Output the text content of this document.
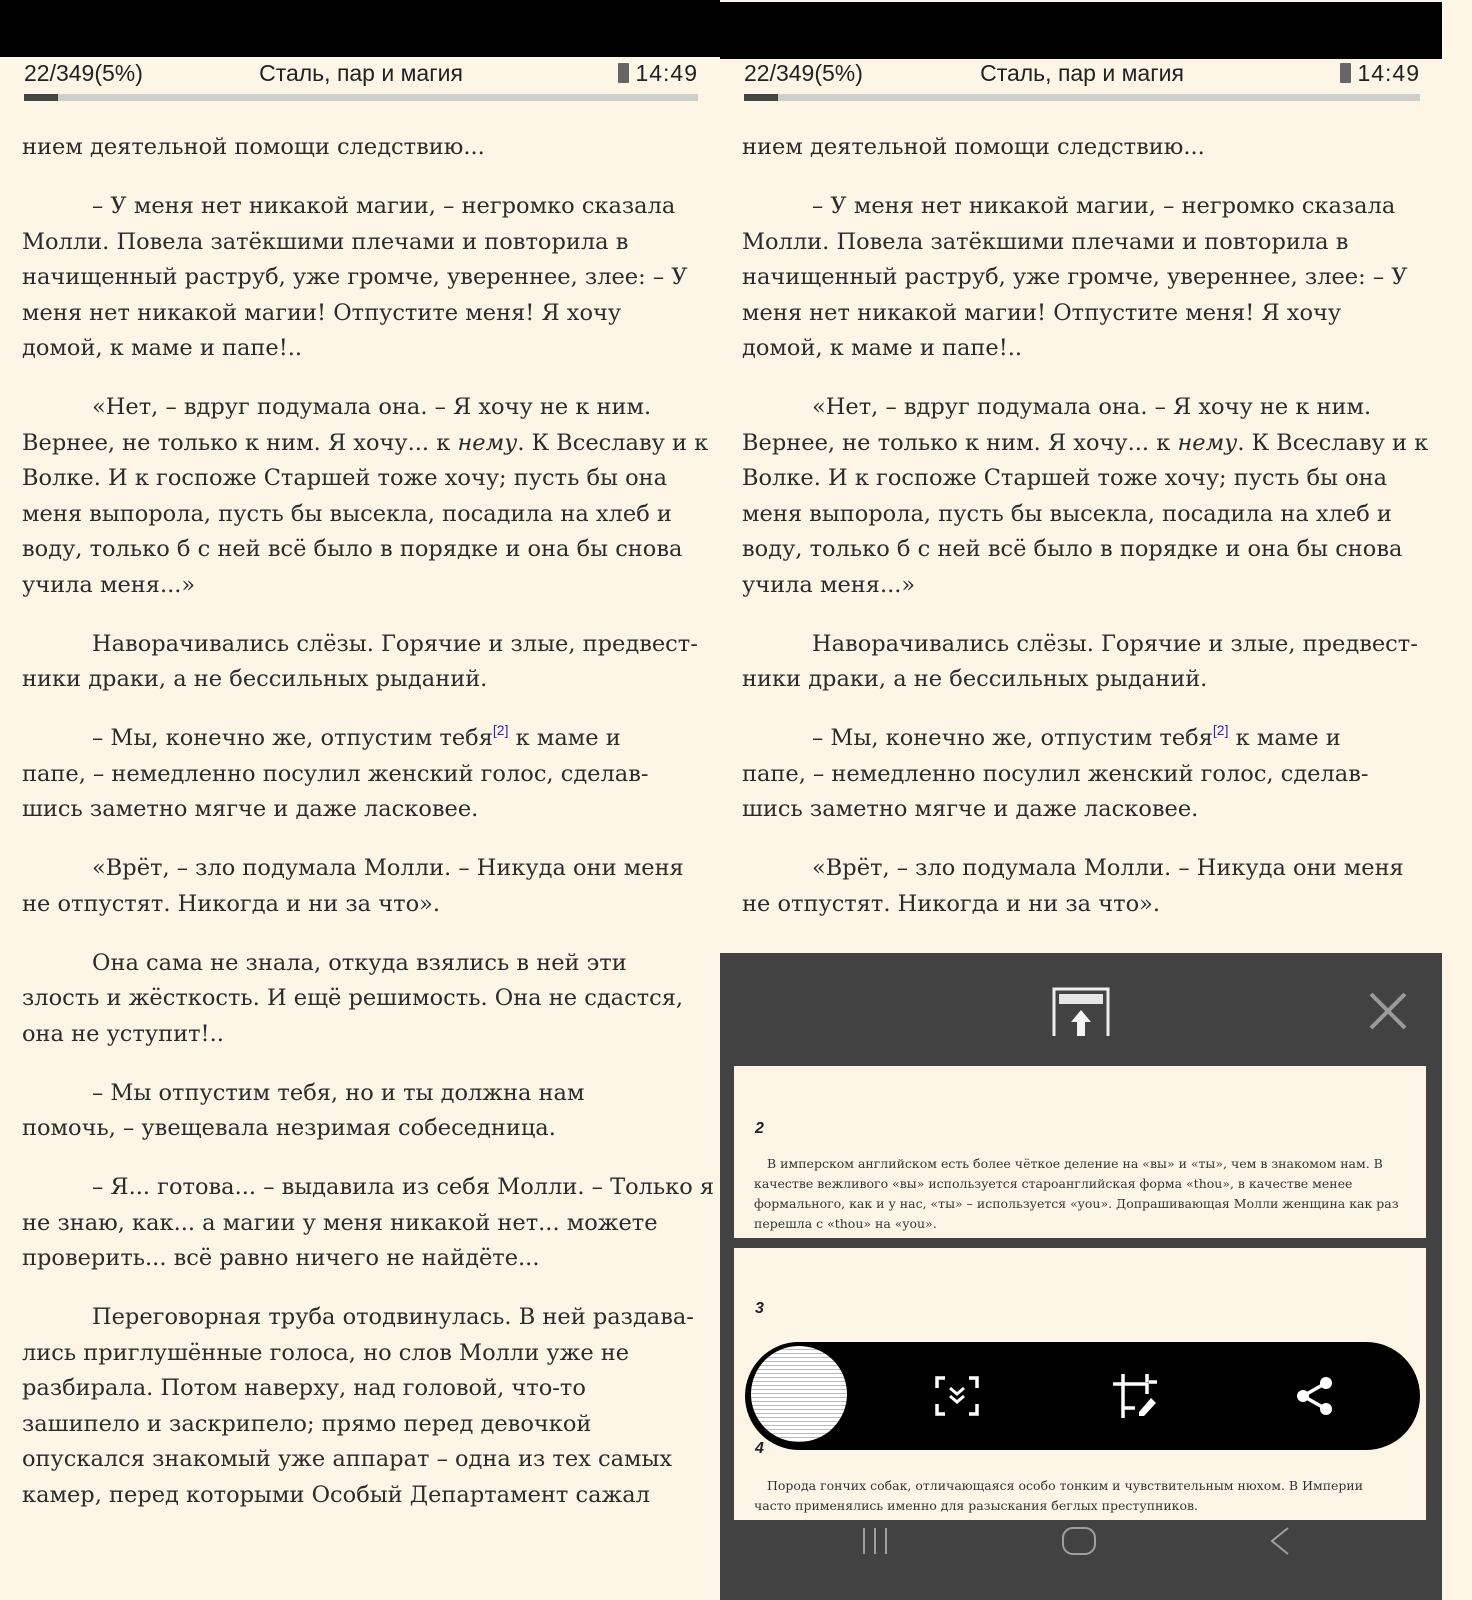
22/349(5%)	Сталь, пар и магия	14:49
нием деятельной помощи следствию...
– У меня нет никакой магии, – негромко сказала
Молли. Повела затёкшими плечами и повторила в
начищенный раструб, уже громче, увереннее, злее: – У
меня нет никакой магии! Отпустите меня! Я хочу
домой, к маме и папе!..
«Нет, – вдруг подумала она. – Я хочу не к ним.
Вернее, не только к ним. Я хочу... к нему. К Всеславу и к
Волке. И к госпоже Старшей тоже хочу; пусть бы она
меня выпорола, пусть бы высекла, посадила на хлеб и
воду, только б с ней всё было в порядке и она бы снова
учила меня...»
Наворачивались слёзы. Горячие и злые, предвест-
ники драки, а не бессильных рыданий.
– Мы, конечно же, отпустим тебя[2] к маме и
папе, – немедленно посулил женский голос, сделав-
шись заметно мягче и даже ласковее.
«Врёт, – зло подумала Молли. – Никуда они меня
не отпустят. Никогда и ни за что».
Она сама не знала, откуда взялись в ней эти
злость и жёсткость. И ещё решимость. Она не сдастся,
она не уступит!..
– Мы отпустим тебя, но и ты должна нам
помочь, – увещевала незримая собеседница.
– Я... готова... – выдавила из себя Молли. – Только я
не знаю, как... а магии у меня никакой нет... можете
проверить... всё равно ничего не найдёте...
Переговорная труба отодвинулась. В ней раздава-
лись приглушённые голоса, но слов Молли уже не
разбирала. Потом наверху, над головой, что-то
зашипело и заскрипело; прямо перед девочкой
опускался знакомый уже аппарат – одна из тех самых
камер, перед которыми Особый Департамент сажал
22/349(5%)	Сталь, пар и магия	14:49
нием деятельной помощи следствию...
– У меня нет никакой магии, – негромко сказала
Молли. Повела затёкшими плечами и повторила в
начищенный раструб, уже громче, увереннее, злее: – У
меня нет никакой магии! Отпустите меня! Я хочу
домой, к маме и папе!..
«Нет, – вдруг подумала она. – Я хочу не к ним.
Вернее, не только к ним. Я хочу... к нему. К Всеславу и к
Волке. И к госпоже Старшей тоже хочу; пусть бы она
меня выпорола, пусть бы высекла, посадила на хлеб и
воду, только б с ней всё было в порядке и она бы снова
учила меня...»
Наворачивались слёзы. Горячие и злые, предвест-
ники драки, а не бессильных рыданий.
– Мы, конечно же, отпустим тебя[2] к маме и
папе, – немедленно посулил женский голос, сделав-
шись заметно мягче и даже ласковее.
«Врёт, – зло подумала Молли. – Никуда они меня
не отпустят. Никогда и ни за что».
2
В имперском английском есть более чёткое деление на «вы» и «ты», чем в знакомом нам. В
качестве вежливого «вы» используется староанглийская форма «thou», в качестве менее
формального, как и у нас, «ты» – используется «you». Допрашивающая Молли женщина как раз
перешла с «thou» на «you».
3
4
Порода гончих собак, отличающаяся особо тонким и чувствительным нюхом. В Империи
часто применялись именно для разыскания беглых преступников.
